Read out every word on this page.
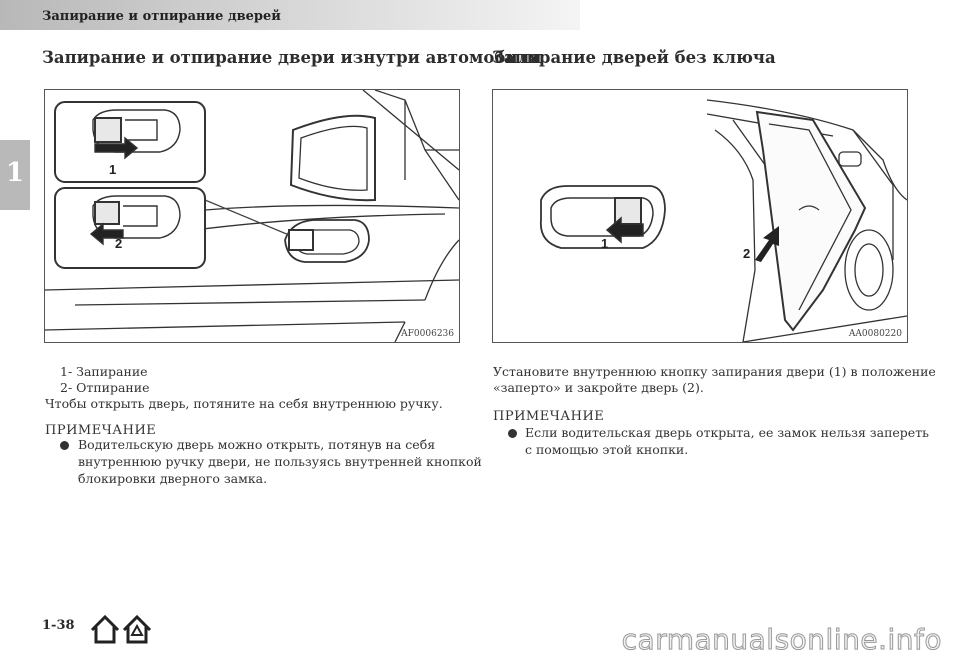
Запирание и отпирание дверей
1
Запирание и отпирание двери изнутри автомобиля
1
2
AF0006236
1- Запирание
2- Отпирание
Чтобы открыть дверь, потяните на себя внутреннюю ручку.
ПРИМЕЧАНИЕ
Водительскую дверь можно открыть, потянув на себя
внутреннюю ручку двери, не пользуясь внутренней кнопкой
блокировки дверного замка.
Запирание дверей без ключа
1
2
AA0080220
Установите внутреннюю кнопку запирания двери (1) в положение
«заперто» и закройте дверь (2).
ПРИМЕЧАНИЕ
Если водительская дверь открыта, ее замок нельзя запереть
с помощью этой кнопки.
1-38	carmanualsonline.info
